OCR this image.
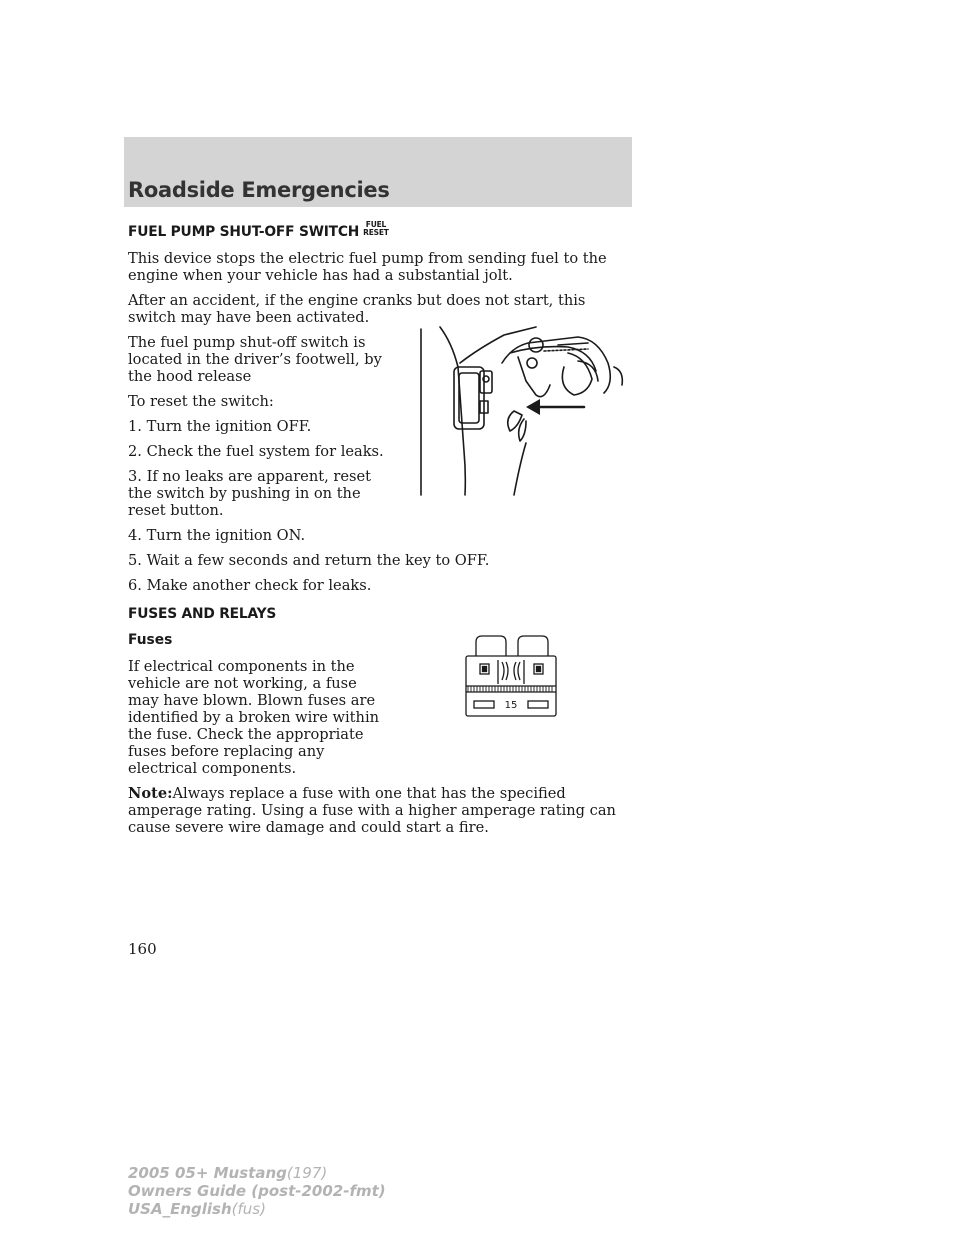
Roadside Emergencies
FUEL PUMP SHUT-OFF SWITCH FUEL
RESET

This device stops the electric fuel pump from sending fuel to the engine when your vehicle has had a substantial jolt.

After an accident, if the engine cranks but does not start, this switch may have been activated.

The fuel pump shut-off switch is located in the driver’s footwell, by the hood release

To reset the switch:

1. Turn the ignition OFF.

2. Check the fuel system for leaks.

3. If no leaks are apparent, reset the switch by pushing in on the reset button.

4. Turn the ignition ON.

5. Wait a few seconds and return the key to OFF.

6. Make another check for leaks.

FUSES AND RELAYS
Fuses

If electrical components in the vehicle are not working, a fuse may have blown. Blown fuses are identified by a broken wire within the fuse. Check the appropriate fuses before replacing any electrical components.

Note:Always replace a fuse with one that has the specified amperage rating. Using a fuse with a higher amperage rating can cause severe wire damage and could start a fire.

15
160
2005 05+ Mustang(197)
Owners Guide (post-2002-fmt)
USA_English(fus)
